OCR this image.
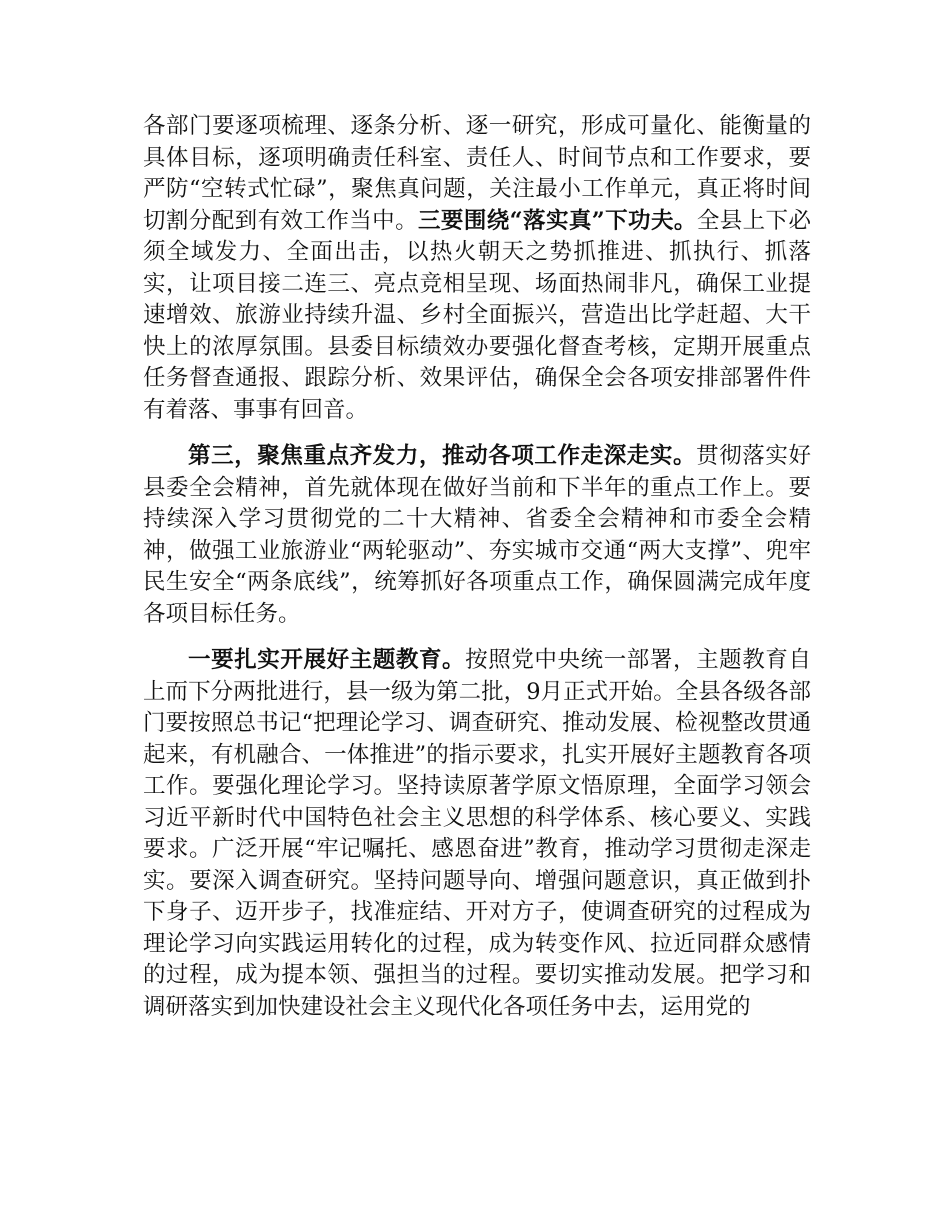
各部门要逐项梳理、逐条分析、逐一研究，形成可量化、能衡量的具体目标，逐项明确责任科室、责任人、时间节点和工作要求，要严防“空转式忙碌”，聚焦真问题，关注最小工作单元，真正将时间切割分配到有效工作当中。三要围绕“落实真”下功夫。全县上下必须全域发力、全面出击，以热火朝天之势抓推进、抓执行、抓落实，让项目接二连三、亮点竞相呈现、场面热闹非凡，确保工业提速增效、旅游业持续升温、乡村全面振兴，营造出比学赶超、大干快上的浓厚氛围。县委目标绩效办要强化督查考核，定期开展重点任务督查通报、跟踪分析、效果评估，确保全会各项安排部署件件有着落、事事有回音。

第三，聚焦重点齐发力，推动各项工作走深走实。贯彻落实好县委全会精神，首先就体现在做好当前和下半年的重点工作上。要持续深入学习贯彻党的二十大精神、省委全会精神和市委全会精神，做强工业旅游业“两轮驱动”、夯实城市交通“两大支撑”、兜牢民生安全“两条底线”，统筹抓好各项重点工作，确保圆满完成年度各项目标任务。

一要扎实开展好主题教育。按照党中央统一部署，主题教育自上而下分两批进行，县一级为第二批，9月正式开始。全县各级各部门要按照总书记“把理论学习、调查研究、推动发展、检视整改贯通起来，有机融合、一体推进”的指示要求，扎实开展好主题教育各项工作。要强化理论学习。坚持读原著学原文悟原理，全面学习领会习近平新时代中国特色社会主义思想的科学体系、核心要义、实践要求。广泛开展“牢记嘱托、感恩奋进”教育，推动学习贯彻走深走实。要深入调查研究。坚持问题导向、增强问题意识，真正做到扑下身子、迈开步子，找准症结、开对方子，使调查研究的过程成为理论学习向实践运用转化的过程，成为转变作风、拉近同群众感情的过程，成为提本领、强担当的过程。要切实推动发展。把学习和调研落实到加快建设社会主义现代化各项任务中去，运用党的
